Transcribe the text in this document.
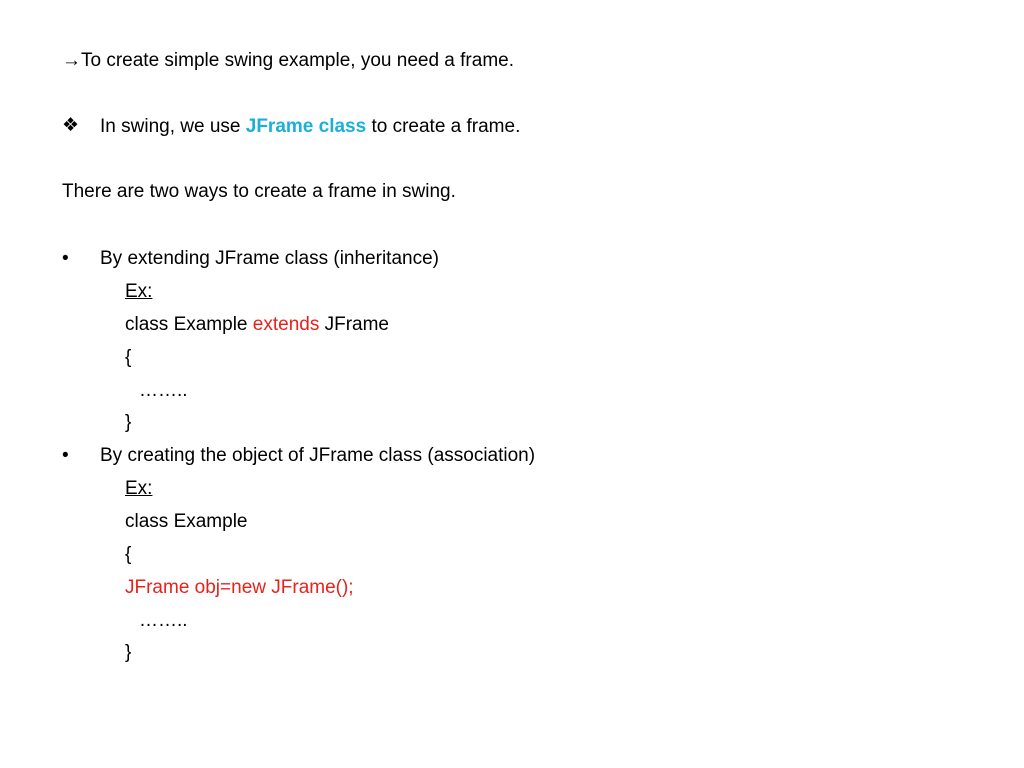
→To create simple swing example, you need a frame.
❖ In swing, we use JFrame class to create a frame.
There are two ways to create a frame in swing.
• By extending JFrame class (inheritance)
Ex:
class Example extends JFrame
{
……..
}
• By creating the object of JFrame class (association)
Ex:
class Example
{
JFrame obj=new JFrame();
……..
}
